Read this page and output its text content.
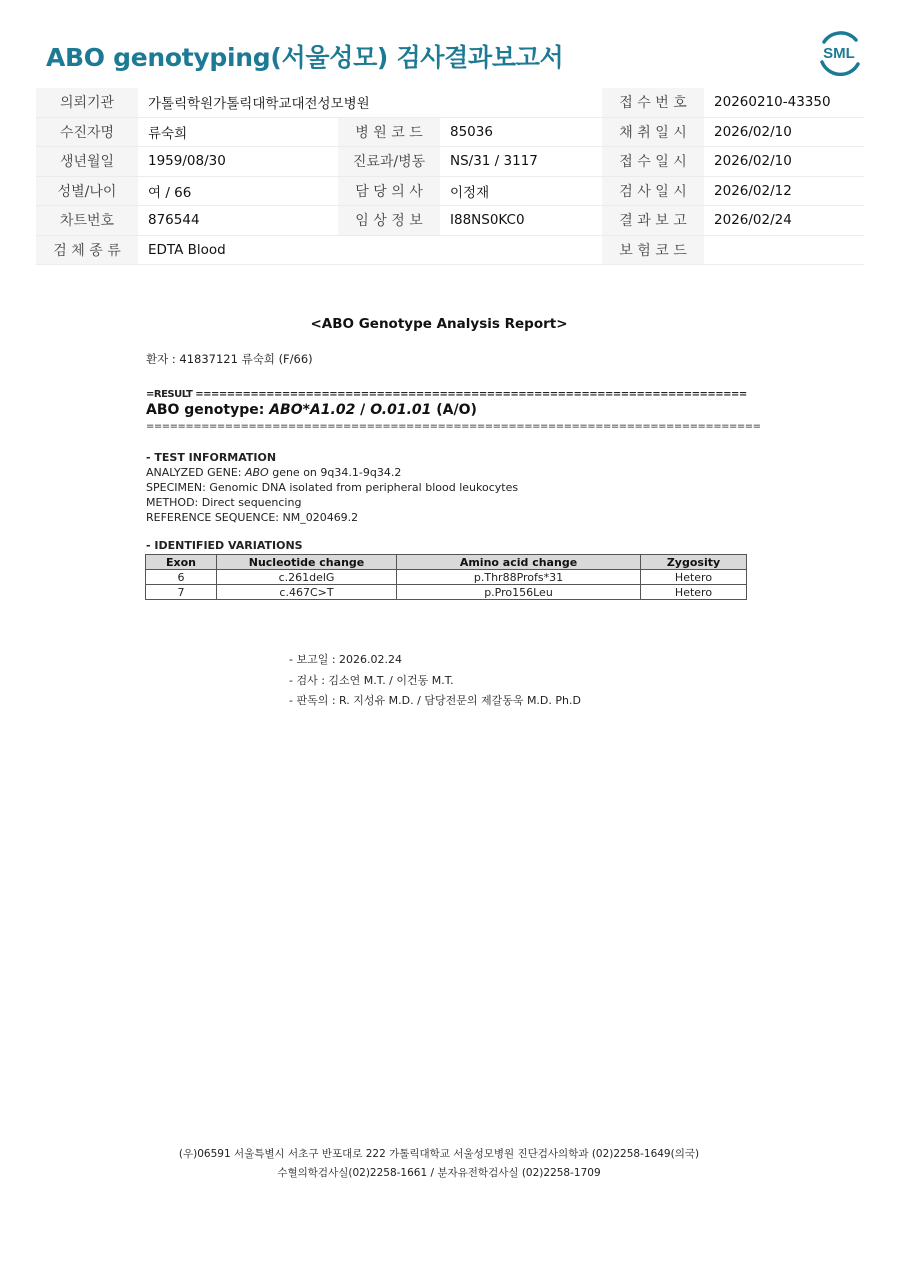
ABO genotyping(서울성모) 검사결과보고서	SML
의뢰기관	가톨릭학원가톨릭대학교대전성모병원			접 수 번 호	20260210-43350
수진자명	류숙희	병 원 코 드	85036	채 취 일 시	2026/02/10
생년월일	1959/08/30	진료과/병동	NS/31 / 3117	접 수 일 시	2026/02/10
성별/나이	여 / 66	담 당 의 사	이정재	검 사 일 시	2026/02/12
차트번호	876544	임 상 정 보	I88NS0KC0	결 과 보 고	2026/02/24
검 체 종 류	EDTA Blood			보 험 코 드	
<ABO Genotype Analysis Report>
환자 : 41837121 류숙희 (F/66)
=RESULT ======================================================================
ABO genotype: ABO*A1.02 / O.01.01 (A/O)
==============================================================================
- TEST INFORMATION
ANALYZED GENE: ABO gene on 9q34.1-9q34.2
SPECIMEN: Genomic DNA isolated from peripheral blood leukocytes
METHOD: Direct sequencing
REFERENCE SEQUENCE: NM_020469.2
- IDENTIFIED VARIATIONS
Exon	Nucleotide change	Amino acid change	Zygosity
6	c.261delG	p.Thr88Profs*31	Hetero
7	c.467C>T	p.Pro156Leu	Hetero
- 보고일 : 2026.02.24
- 검사 : 김소연 M.T. / 이건동 M.T.
- 판독의 : R. 지성유 M.D. / 담당전문의 제갈동욱 M.D. Ph.D
(우)06591 서울특별시 서초구 반포대로 222 가톨릭대학교 서울성모병원 진단검사의학과 (02)2258-1649(의국)
수혈의학검사실(02)2258-1661 / 분자유전학검사실 (02)2258-1709
